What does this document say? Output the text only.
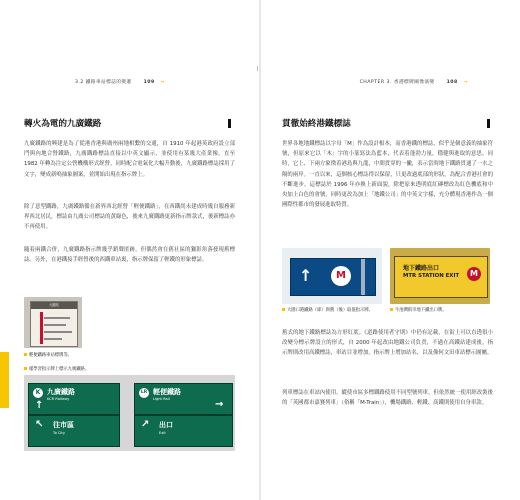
CHAPTER 3. 香港標牌圖像演變	108 →
3.2 鐵路車站標誌的變遷	109 →
轉火為電的九廣鐵路

九廣鐵路的興建是為了從港香港與廣州兩地相繫的交通，自 1910 年起港英政府設立部門與內地合營鐵路，九廣鐵路標誌直接以中英文顯示，並使用有某幾大產業像。直至 1982 年轉為注定公營機構形式經營，同時配合電氣化大幅升動後，九廣鐵路標誌採用了文字，變成新鳴抽象圖案，並開始出現在指示牌上。

除了意型鐵路，九廣鐵路循在新界西北經營「輕便鐵路」，在西鐵尚未建成時幾自服務新界西北居民，標誌由九廣公司標誌的黃綠色，後來九廣鐵路更新指示牌款式，後新標誌亦不再使用。

隨着兩鐵合併，九廣鐵路指示牌幾乎銷聲匿跡，但偶然會在舊社區的獵影角落發現舊標誌。另外，在港鐵接手經營後的西鐵車站裏，指示牌保留了輕鐵的形象標誌。

大圍站
輕便鐵路車站標牌等。
樣學習指示牌上標示九廣鐵路。
K 九廣鐵路
KCR Railway
↑
↖ 往市區
To City
LR 輕便鐵路
Light Rail	→
↗ 出口
Exit
貫徹始終港鐵標誌

世界各地地鐵標誌以字母「M」作為設計根本，而香港鐵的標誌，似乎是個意義的抽象符號，但原來它以「木」字的小篆寫法為藍本，代表着蓬勃力量，穩健與進取的意思。同時，它上、下兩方象徵着港島與九龍，中間貫穿的一撇，表示當時地下鐵路貫通了一水之隔的兩岸。一直以來，這個核心標誌得以保留，只更改過底部的形狀，為配合香港社會的不斷進步，這標誌於 1996 年亦換上新面貌，除把原來透明底紅磚標改為紅色機底和中央加上白色的會號，同時更改為加上「地鐵公司」的中英文字樣，充分體現香港作為一個國際性都市的發展進取特質。

↑	M
地下鐵路出口
MTR STATION EXIT	M
大圍口港鐵路（即）與舊（後）取值指示牌。	牛池灣街市地下鐵出口牌。

舊式的地下鐵路標誌為方形紅底。《道路使用者守則》中仍有記載，在街上可以直透很小改變分標示牌設立的形式，自 2000 年起改由地鐵公司負責，不過在高鐵站建成後，指示牌則改用高鐵標誌，車站目並增加，指示牌上增加站名，以及像何文田車站標示圖屬。

列車標誌在車站內使用，縱使市區多標鐵路使用不同型號列車，但依然統一使用經改裝後的「英國都市嘉賽列車」（俗稱「M-Train」），機場鐵路、輕鐵、高鐵則使用自身車款。
